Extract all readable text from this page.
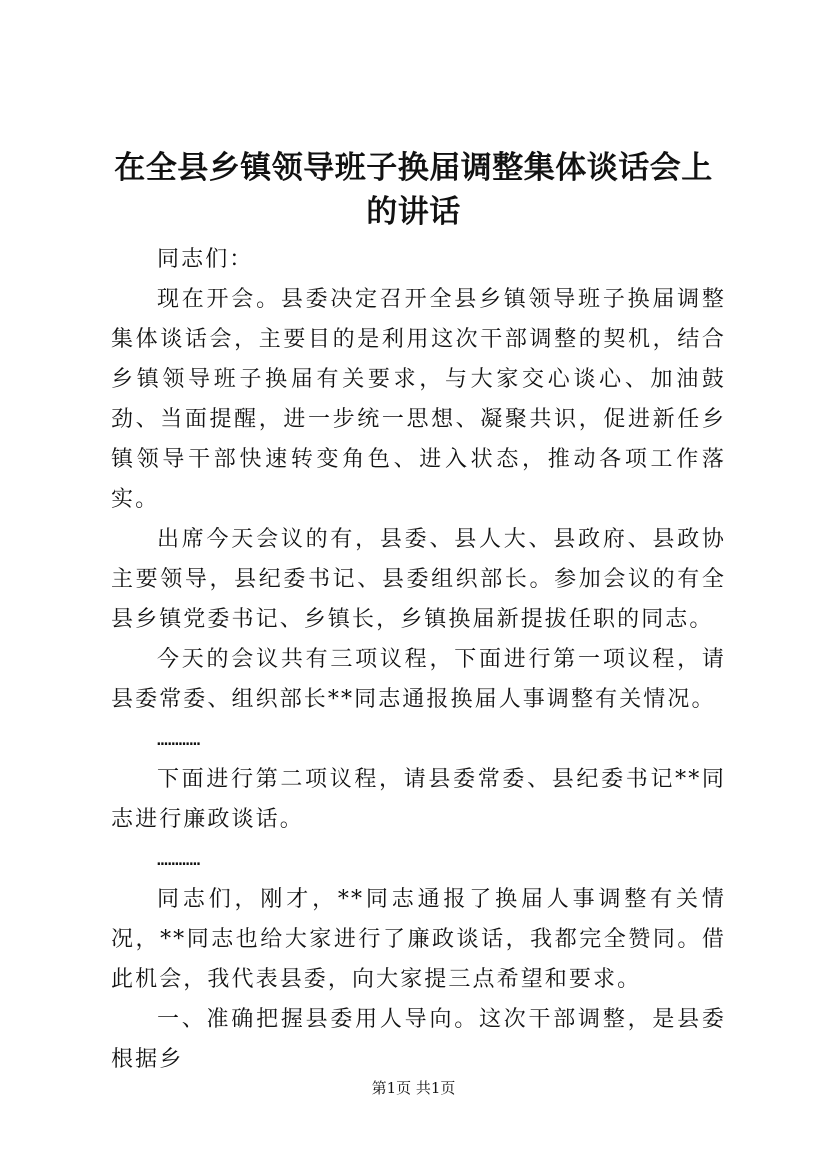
在全县乡镇领导班子换届调整集体谈话会上的讲话

同志们：

现在开会。县委决定召开全县乡镇领导班子换届调整集体谈话会，主要目的是利用这次干部调整的契机，结合乡镇领导班子换届有关要求，与大家交心谈心、加油鼓劲、当面提醒，进一步统一思想、凝聚共识，促进新任乡镇领导干部快速转变角色、进入状态，推动各项工作落实。

出席今天会议的有，县委、县人大、县政府、县政协主要领导，县纪委书记、县委组织部长。参加会议的有全县乡镇党委书记、乡镇长，乡镇换届新提拔任职的同志。

今天的会议共有三项议程，下面进行第一项议程，请县委常委、组织部长**同志通报换届人事调整有关情况。

…………

下面进行第二项议程，请县委常委、县纪委书记**同志进行廉政谈话。

…………

同志们，刚才，**同志通报了换届人事调整有关情况，**同志也给大家进行了廉政谈话，我都完全赞同。借此机会，我代表县委，向大家提三点希望和要求。

一、准确把握县委用人导向。这次干部调整，是县委根据乡

第1页 共1页
